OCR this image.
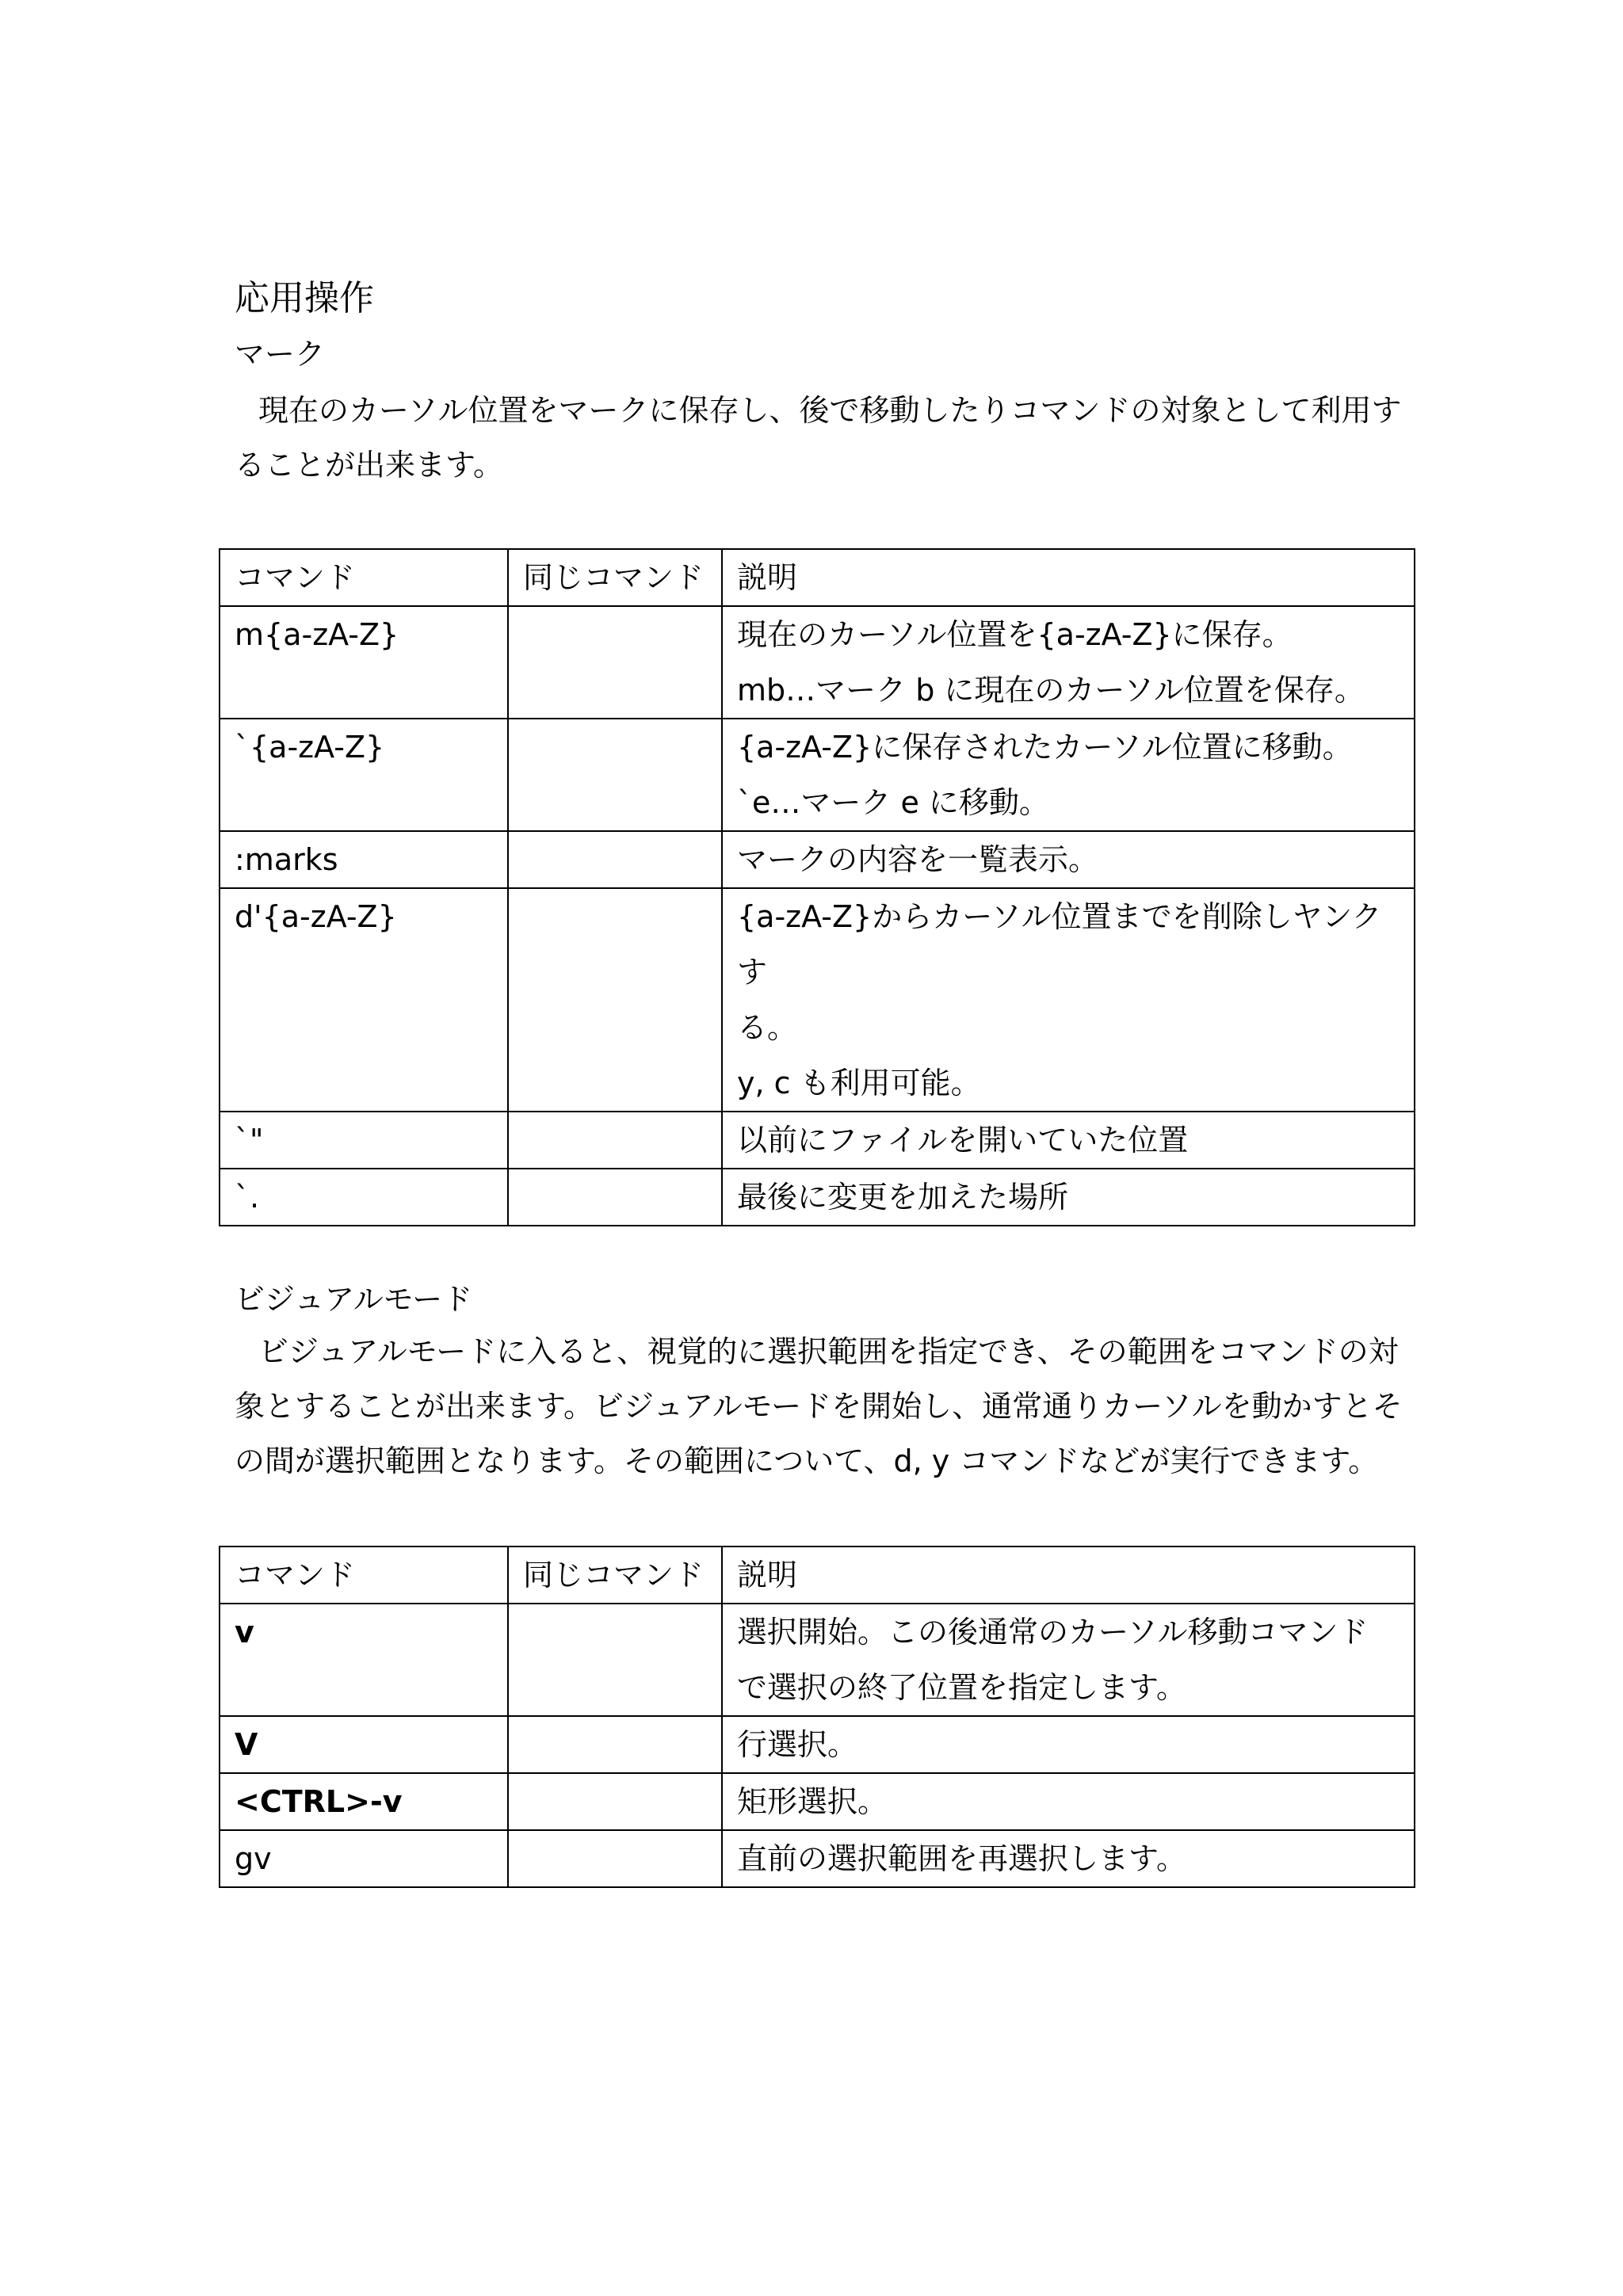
応用操作
マーク

現在のカーソル位置をマークに保存し、後で移動したりコマンドの対象として利用することが出来ます。

コマンド	同じコマンド	説明
m{a-zA-Z}		現在のカーソル位置を{a-zA-Z}に保存。
mb…マーク b に現在のカーソル位置を保存。

`{a-zA-Z}		{a-zA-Z}に保存されたカーソル位置に移動。
`e…マーク e に移動。

:marks		マークの内容を一覧表示。

d'{a-zA-Z}		{a-zA-Z}からカーソル位置までを削除しヤンクす
る。
y, c も利用可能。

`"		以前にファイルを開いていた位置

`.		最後に変更を加えた場所
ビジュアルモード
ビジュアルモードに入ると、視覚的に選択範囲を指定でき、その範囲をコマンドの対
象とすることが出来ます。ビジュアルモードを開始し、通常通りカーソルを動かすとそ
の間が選択範囲となります。その範囲について、d, y コマンドなどが実行できます。
コマンド	同じコマンド	説明
v		選択開始。この後通常のカーソル移動コマンド
で選択の終了位置を指定します。

V		行選択。

<CTRL>-v		矩形選択。

gv		直前の選択範囲を再選択します。
